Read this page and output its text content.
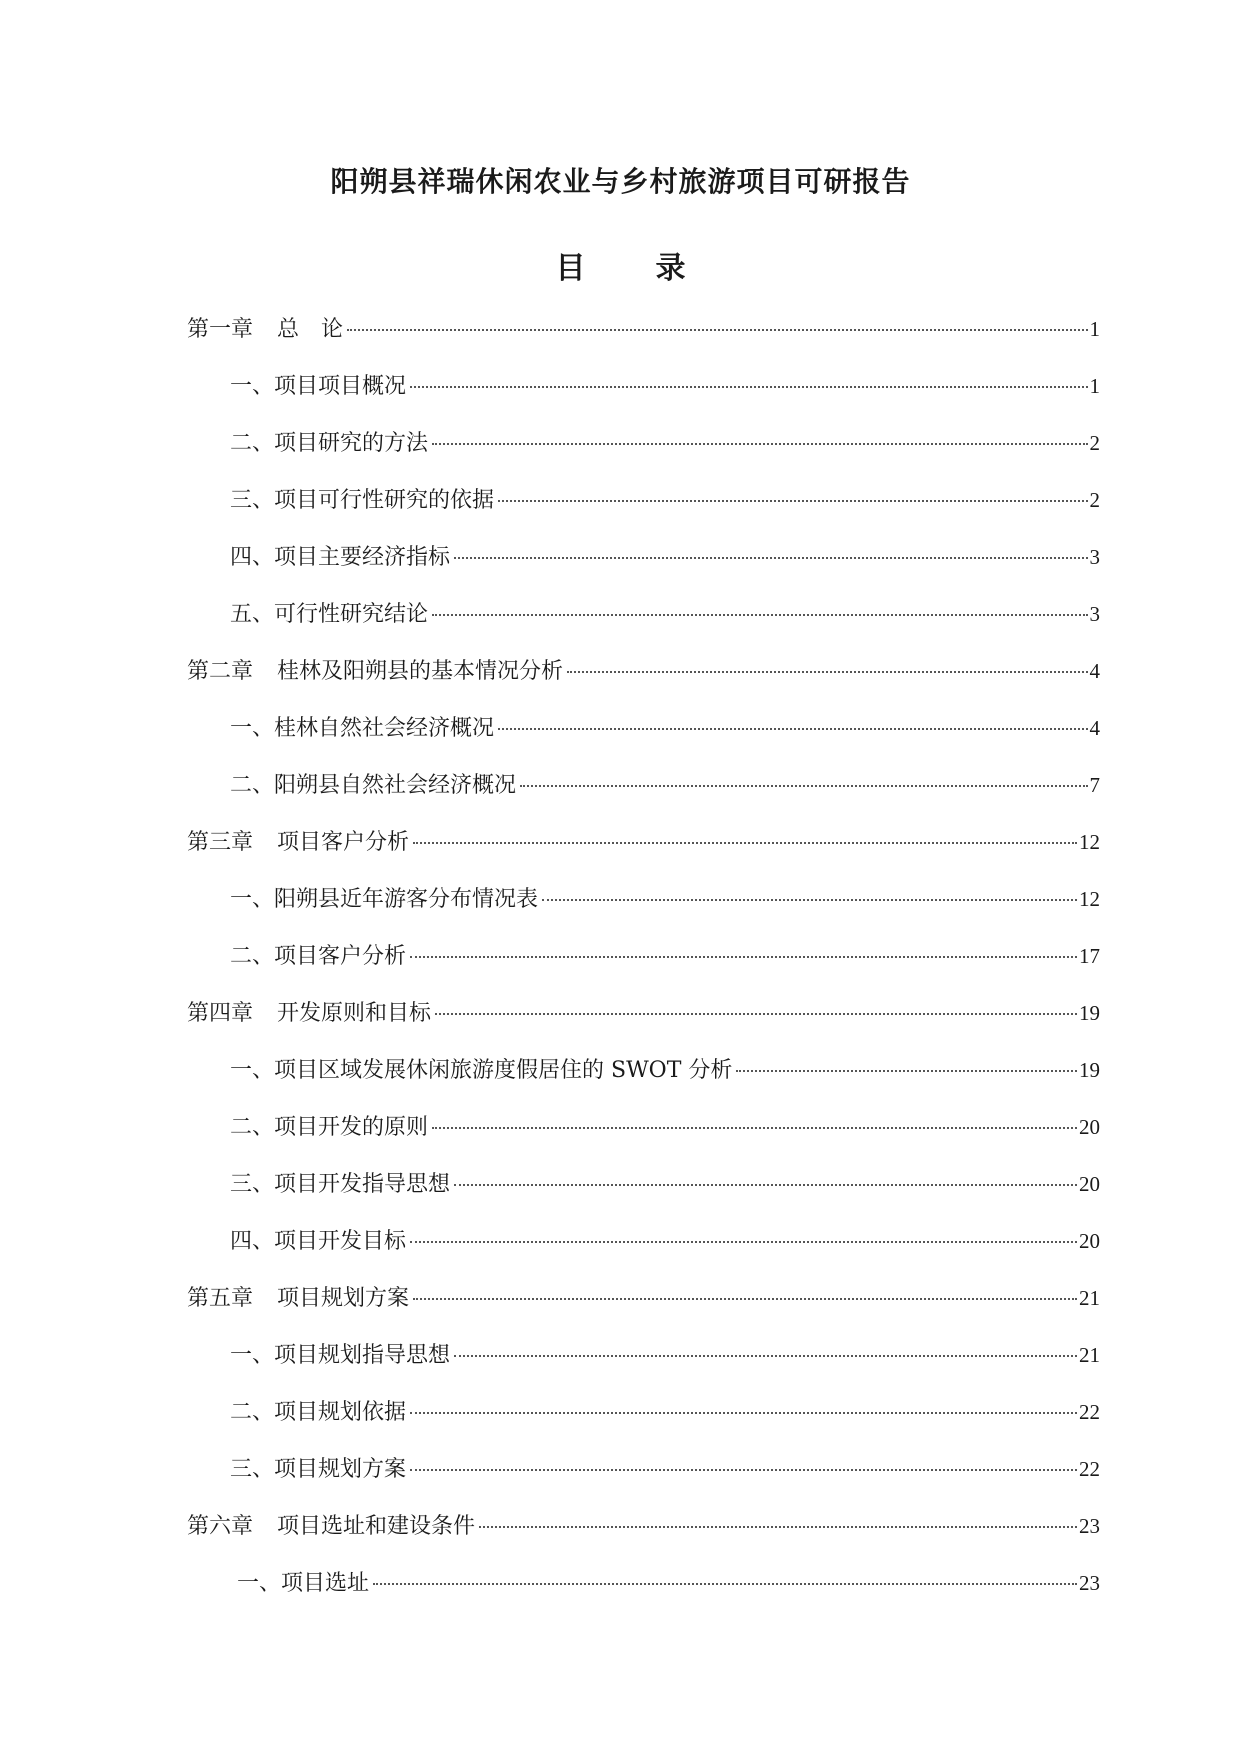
阳朔县祥瑞休闲农业与乡村旅游项目可研报告
目 录
第一章 总　论	1
一、项目项目概况	1
二、项目研究的方法	2
三、项目可行性研究的依据	2
四、项目主要经济指标	3
五、可行性研究结论	3
第二章 桂林及阳朔县的基本情况分析	4
一、桂林自然社会经济概况	4
二、阳朔县自然社会经济概况	7
第三章 项目客户分析	12
一、阳朔县近年游客分布情况表	12
二、项目客户分析	17
第四章 开发原则和目标	19
一、项目区域发展休闲旅游度假居住的 SWOT 分析	19
二、项目开发的原则	20
三、项目开发指导思想	20
四、项目开发目标	20
第五章 项目规划方案	21
一、项目规划指导思想	21
二、项目规划依据	22
三、项目规划方案	22
第六章 项目选址和建设条件	23
一、项目选址	23
